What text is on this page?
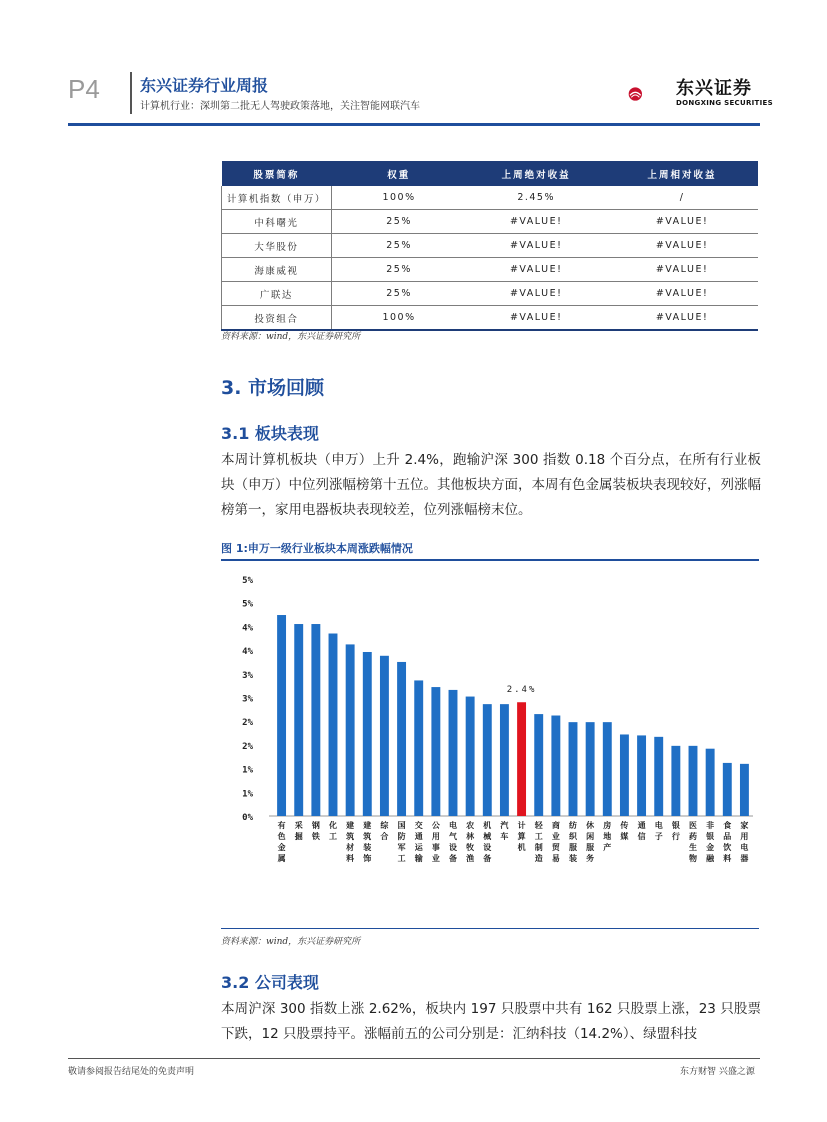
P4	东兴证券行业周报
计算机行业：深圳第二批无人驾驶政策落地，关注智能网联汽车
东兴证券
DONGXING SECURITIES
股票简称	权重	上周绝对收益	上周相对收益
计算机指数（申万）	100%	2.45%	/
中科曙光	25%	#VALUE!	#VALUE!
大华股份	25%	#VALUE!	#VALUE!
海康威视	25%	#VALUE!	#VALUE!
广联达	25%	#VALUE!	#VALUE!
投资组合	100%	#VALUE!	#VALUE!
资料来源：wind，东兴证券研究所
3. 市场回顾
3.1 板块表现
本周计算机板块（申万）上升 2.4%，跑输沪深 300 指数 0.18 个百分点，在所有行业板块（申万）中位列涨幅榜第十五位。其他板块方面，本周有色金属装板块表现较好，列涨幅榜第一，家用电器板块表现较差，位列涨幅榜末位。
图 1:申万一级行业板块本周涨跌幅情况
0%
1%
1%
2%
2%
3%
3%
4%
4%
5%
5%
有色金属
采掘
钢铁
化工
建筑材料
建筑装饰
综合
国防军工
交通运输
公用事业
电气设备
农林牧渔
机械设备
汽车
计算机
轻工制造
商业贸易
纺织服装
休闲服务
房地产
传媒
通信
电子
银行
医药生物
非银金融
食品饮料
家用电器
2.4%
资料来源：wind，东兴证券研究所
3.2 公司表现
本周沪深 300 指数上涨 2.62%，板块内 197 只股票中共有 162 只股票上涨，23 只股票下跌，12 只股票持平。涨幅前五的公司分别是：汇纳科技（14.2%）、绿盟科技
敬请参阅报告结尾处的免责声明	东方财智 兴盛之源
